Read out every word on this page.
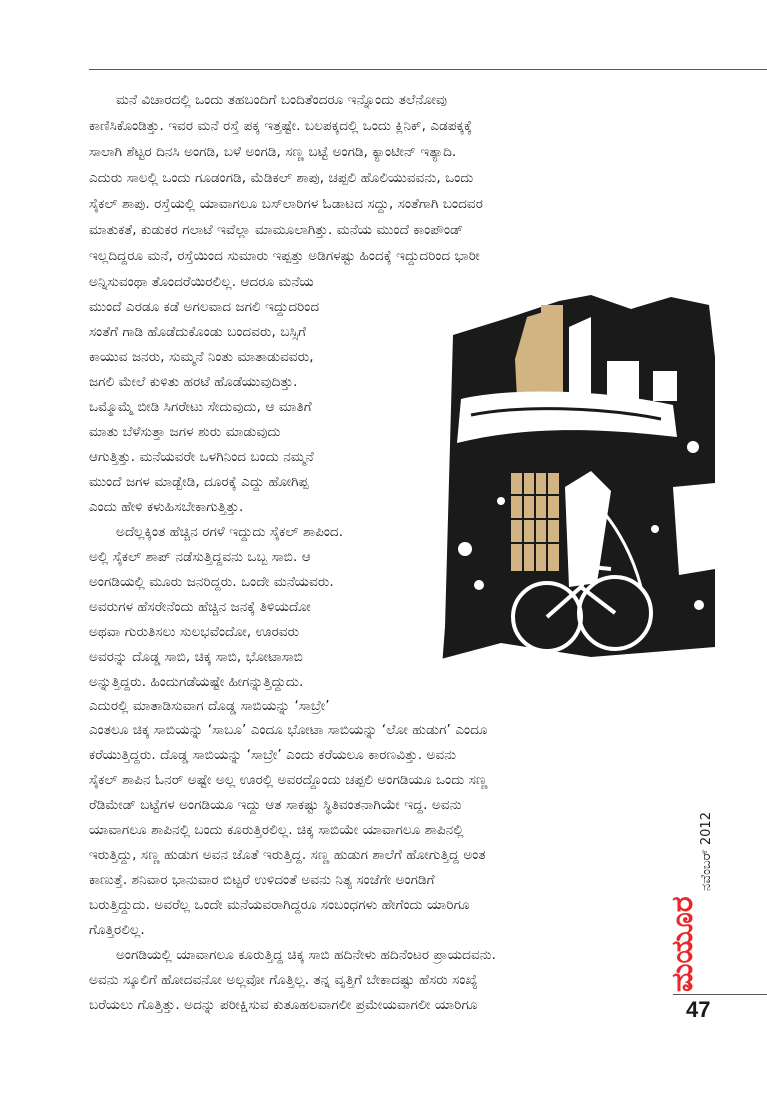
ಮನೆ ವಿಚಾರದಲ್ಲಿ ಒಂದು ತಹಬಂದಿಗೆ ಬಂದಿತೆಂದರೂ ಇನ್ನೊಂದು ತಲೆನೋವು
ಕಾಣಿಸಿಕೊಂಡಿತ್ತು. ಇವರ ಮನೆ ರಸ್ತೆ ಪಕ್ಕ ಇತ್ತಷ್ಟೇ. ಬಲಪಕ್ಕದಲ್ಲಿ ಒಂದು ಕ್ಲಿನಿಕ್, ಎಡಪಕ್ಕಕ್ಕೆ
ಸಾಲಾಗಿ ಶೆಟ್ಟರ ದಿನಸಿ ಅಂಗಡಿ, ಬಳೆ ಅಂಗಡಿ, ಸಣ್ಣ ಬಟ್ಟೆ ಅಂಗಡಿ, ಕ್ಯಾಂಟೀನ್ ಇತ್ಯಾದಿ.
ಎದುರು ಸಾಲಲ್ಲಿ ಒಂದು ಗೂಡಂಗಡಿ, ಮೆಡಿಕಲ್ ಶಾಪು, ಚಪ್ಪಲಿ ಹೊಲಿಯುವವನು, ಒಂದು
ಸೈಕಲ್ ಶಾಪು. ರಸ್ತೆಯಲ್ಲಿ ಯಾವಾಗಲೂ ಬಸ್‌ಲಾರಿಗಳ ಓಡಾಟದ ಸದ್ದು, ಸಂತೆಗಾಗಿ ಬಂದವರ
ಮಾತುಕತೆ, ಕುಡುಕರ ಗಲಾಟೆ ಇವೆಲ್ಲಾ ಮಾಮೂಲಾಗಿತ್ತು. ಮನೆಯ ಮುಂದೆ ಕಾಂಪೌಂಡ್
ಇಲ್ಲದಿದ್ದರೂ ಮನೆ, ರಸ್ತೆಯಿಂದ ಸುಮಾರು ಇಪ್ಪತ್ತು ಅಡಿಗಳಷ್ಟು ಹಿಂದಕ್ಕೆ ಇದ್ದುದರಿಂದ ಭಾರೀ
ಅನ್ನಿಸುವಂಥಾ ತೊಂದರೆಯಿರಲಿಲ್ಲ. ಆದರೂ ಮನೆಯ
ಮುಂದೆ ಎರಡೂ ಕಡೆ ಅಗಲವಾದ ಜಗಲಿ ಇದ್ದುದರಿಂದ
ಸಂತೆಗೆ ಗಾಡಿ ಹೊಡೆದುಕೊಂಡು ಬಂದವರು, ಬಸ್ಸಿಗೆ
ಕಾಯುವ ಜನರು, ಸುಮ್ಮನೆ ನಿಂತು ಮಾತಾಡುವವರು,
ಜಗಲಿ ಮೇಲೆ ಕುಳಿತು ಹರಟೆ ಹೊಡೆಯುವುದಿತ್ತು.
ಒಮ್ಮೊಮ್ಮೆ ಬೀಡಿ ಸಿಗರೇಟು ಸೇದುವುದು, ಆ ಮಾತಿಗೆ
ಮಾತು ಬೆಳೆಸುತ್ತಾ ಜಗಳ ಶುರು ಮಾಡುವುದು
ಆಗುತ್ತಿತ್ತು. ಮನೆಯವರೇ ಒಳಗಿನಿಂದ ಬಂದು ನಮ್ಮನೆ
ಮುಂದೆ ಜಗಳ ಮಾಡ್ಬೇಡಿ, ದೂರಕ್ಕೆ ಎದ್ದು ಹೋಗಿಪ್ಪ
ಎಂದು ಹೇಳಿ ಕಳುಹಿಸಬೇಕಾಗುತ್ತಿತ್ತು.
ಅದೆಲ್ಲಕ್ಕಿಂತ ಹೆಚ್ಚಿನ ರಗಳೆ ಇದ್ದುದು ಸೈಕಲ್ ಶಾಪಿಂದ.
ಅಲ್ಲಿ ಸೈಕಲ್ ಶಾಪ್ ನಡೆಸುತ್ತಿದ್ದವನು ಒಬ್ಬ ಸಾಬಿ. ಆ
ಅಂಗಡಿಯಲ್ಲಿ ಮೂರು ಜನರಿದ್ದರು. ಒಂದೇ ಮನೆಯವರು.
ಅವರುಗಳ ಹೆಸರೇನೆಂದು ಹೆಚ್ಚಿನ ಜನಕ್ಕೆ ತಿಳಿಯದೋ
ಅಥವಾ ಗುರುತಿಸಲು ಸುಲಭವೆಂದೋ, ಊರವರು
ಅವರನ್ನು ದೊಡ್ಡ ಸಾಬಿ, ಚಿಕ್ಕ ಸಾಬಿ, ಭೋಟಾಸಾಬಿ
ಅನ್ನುತ್ತಿದ್ದರು. ಹಿಂದುಗಡೆಯಷ್ಟೇ ಹೀಗನ್ನುತ್ತಿದ್ದುದು.
ಎದುರಲ್ಲಿ ಮಾತಾಡಿಸುವಾಗ ದೊಡ್ಡ ಸಾಬಿಯನ್ನು ‘ಸಾಬ್ರೇ’
ಎಂತಲೂ ಚಿಕ್ಕ ಸಾಬಿಯನ್ನು ‘ಸಾಬೂ’ ಎಂದೂ ಭೋಟಾ ಸಾಬಿಯನ್ನು ‘ಲೋ ಹುಡುಗ’ ಎಂದೂ
ಕರೆಯುತ್ತಿದ್ದರು. ದೊಡ್ಡ ಸಾಬಿಯನ್ನು ‘ಸಾಬ್ರೇ’ ಎಂದು ಕರೆಯಲೂ ಕಾರಣವಿತ್ತು. ಅವನು
ಸೈಕಲ್ ಶಾಪಿನ ಓನರ್ ಅಷ್ಟೇ ಅಲ್ಲ ಊರಲ್ಲಿ ಅವರದ್ದೊಂದು ಚಪ್ಪಲಿ ಅಂಗಡಿಯೂ ಒಂದು ಸಣ್ಣ
ರೆಡಿಮೇಡ್ ಬಟ್ಟೆಗಳ ಅಂಗಡಿಯೂ ಇದ್ದು ಆತ ಸಾಕಷ್ಟು ಸ್ಥಿತಿವಂತನಾಗಿಯೇ ಇದ್ದ. ಅವನು
ಯಾವಾಗಲೂ ಶಾಪಿನಲ್ಲಿ ಬಂದು ಕೂರುತ್ತಿರಲಿಲ್ಲ. ಚಿಕ್ಕ ಸಾಬಿಯೇ ಯಾವಾಗಲೂ ಶಾಪಿನಲ್ಲಿ
ಇರುತ್ತಿದ್ದು, ಸಣ್ಣ ಹುಡುಗ ಅವನ ಜೊತೆ ಇರುತ್ತಿದ್ದ. ಸಣ್ಣ ಹುಡುಗ ಶಾಲೆಗೆ ಹೋಗುತ್ತಿದ್ದ ಅಂತ
ಕಾಣುತ್ತೆ. ಶನಿವಾರ ಭಾನುವಾರ ಬಿಟ್ಟರೆ ಉಳಿದಂತೆ ಅವನು ನಿತ್ಯ ಸಂಜೆಗೇ ಅಂಗಡಿಗೆ
ಬರುತ್ತಿದ್ದುದು. ಅವರೆಲ್ಲ ಒಂದೇ ಮನೆಯವರಾಗಿದ್ದರೂ ಸಂಬಂಧಗಳು ಹೇಗೆಂದು ಯಾರಿಗೂ
ಗೊತ್ತಿರಲಿಲ್ಲ.
ಅಂಗಡಿಯಲ್ಲಿ ಯಾವಾಗಲೂ ಕೂರುತ್ತಿದ್ದ ಚಿಕ್ಕ ಸಾಬಿ ಹದಿನೇಳು ಹದಿನೆಂಟರ ಪ್ರಾಯದವನು.
ಅವನು ಸ್ಕೂಲಿಗೆ ಹೋದವನೋ ಅಲ್ಲವೋ ಗೊತ್ತಿಲ್ಲ. ತನ್ನ ವೃತ್ತಿಗೆ ಬೇಕಾದಷ್ಟು ಹೆಸರು ಸಂಖ್ಯೆ
ಬರೆಯಲು ಗೊತ್ತಿತ್ತು. ಅದನ್ನು ಪರೀಕ್ಷಿಸುವ ಕುತೂಹಲವಾಗಲೀ ಪ್ರಮೇಯವಾಗಲೀ ಯಾರಿಗೂ
ಮಯೂರ
ನವೆಂಬರ್ 2012
47
